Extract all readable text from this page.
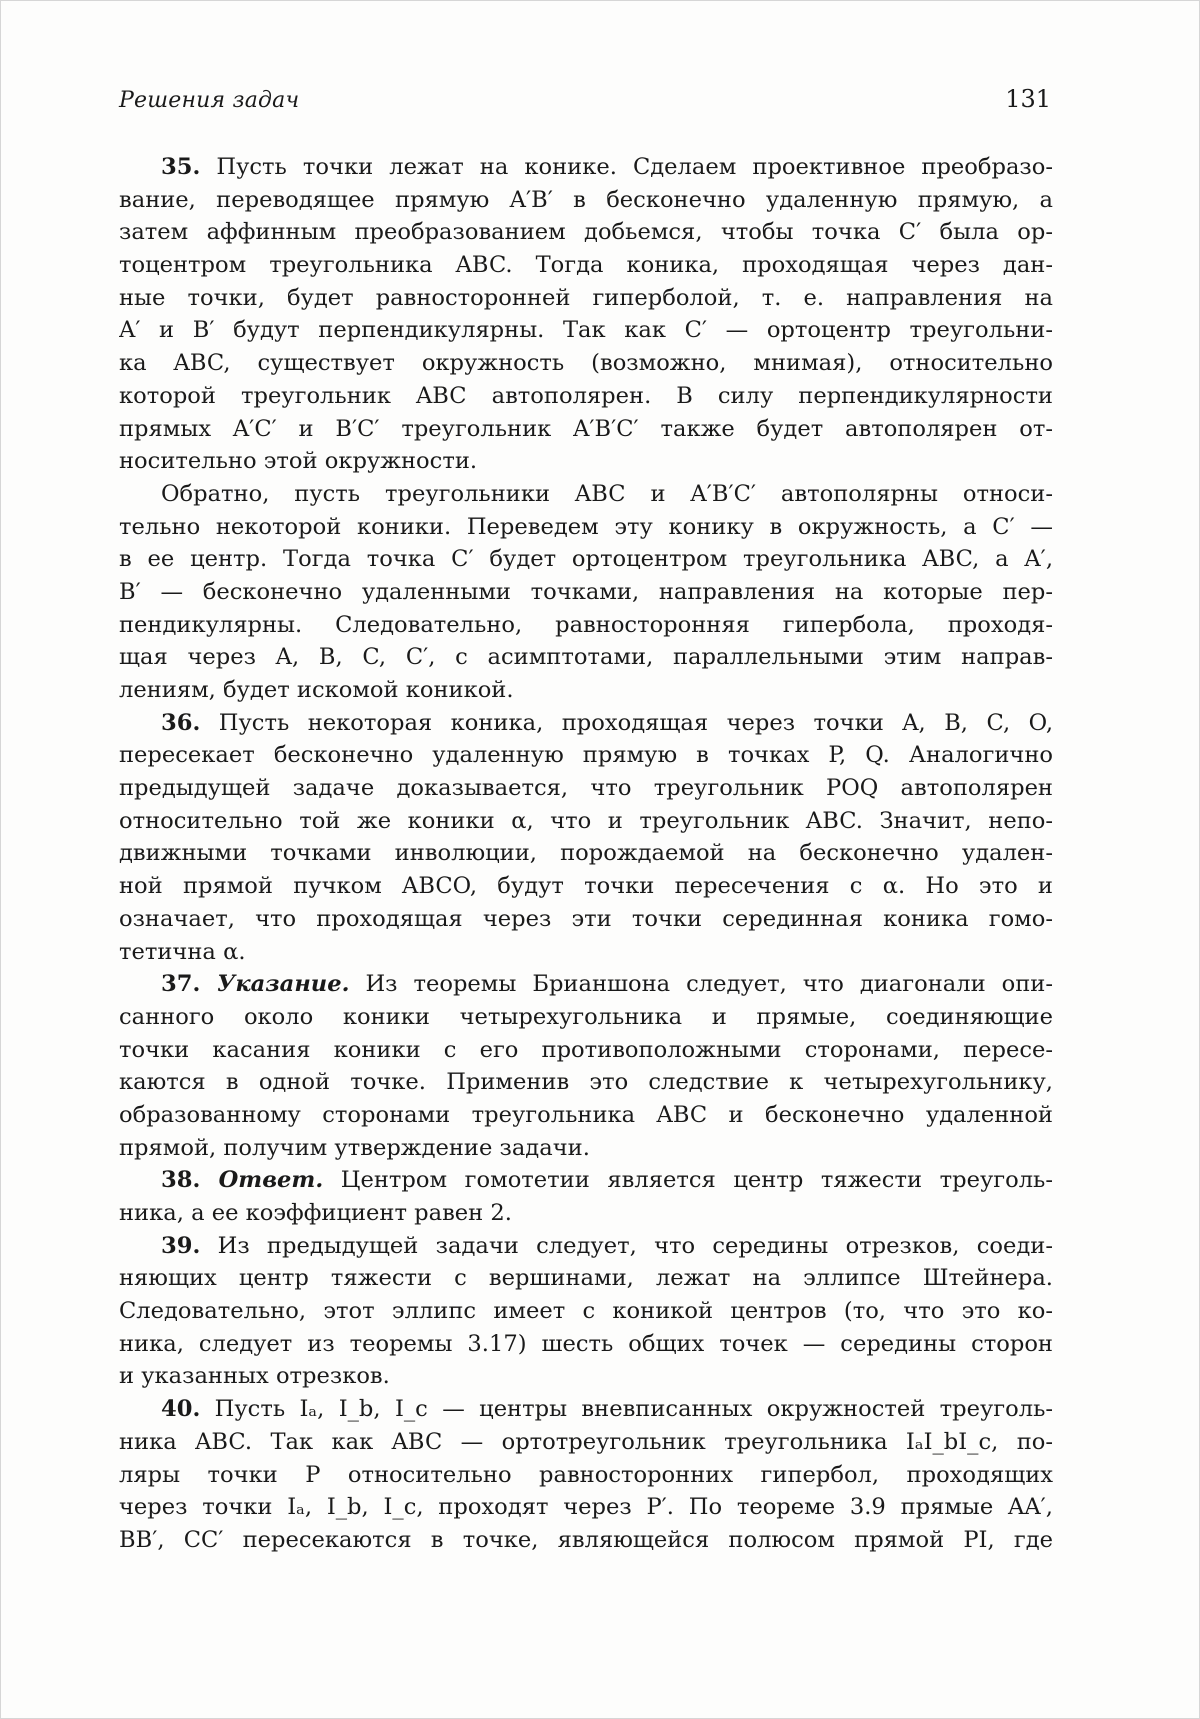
Решения задач	131
35. Пусть точки лежат на конике. Сделаем проективное преобразо-
вание, переводящее прямую A′B′ в бесконечно удаленную прямую, а
затем аффинным преобразованием добьемся, чтобы точка C′ была ор-
тоцентром треугольника ABC. Тогда коника, проходящая через дан-
ные точки, будет равносторонней гиперболой, т. е. направления на
A′ и B′ будут перпендикулярны. Так как C′ — ортоцентр треугольни-
ка ABC, существует окружность (возможно, мнимая), относительно
которой треугольник ABC автополярен. В силу перпендикулярности
прямых A′C′ и B′C′ треугольник A′B′C′ также будет автополярен от-
носительно этой окружности.
Обратно, пусть треугольники ABC и A′B′C′ автополярны относи-
тельно некоторой коники. Переведем эту конику в окружность, а C′ —
в ее центр. Тогда точка C′ будет ортоцентром треугольника ABC, а A′,
B′ — бесконечно удаленными точками, направления на которые пер-
пендикулярны. Следовательно, равносторонняя гипербола, проходя-
щая через A, B, C, C′, с асимптотами, параллельными этим направ-
лениям, будет искомой коникой.
36. Пусть некоторая коника, проходящая через точки A, B, C, O,
пересекает бесконечно удаленную прямую в точках P, Q. Аналогично
предыдущей задаче доказывается, что треугольник POQ автополярен
относительно той же коники α, что и треугольник ABC. Значит, непо-
движными точками инволюции, порождаемой на бесконечно удален-
ной прямой пучком ABCO, будут точки пересечения с α. Но это и
означает, что проходящая через эти точки серединная коника гомо-
тетична α.
37. Указание. Из теоремы Брианшона следует, что диагонали опи-
санного около коники четырехугольника и прямые, соединяющие
точки касания коники с его противоположными сторонами, пересе-
каются в одной точке. Применив это следствие к четырехугольнику,
образованному сторонами треугольника ABC и бесконечно удаленной
прямой, получим утверждение задачи.
38. Ответ. Центром гомотетии является центр тяжести треуголь-
ника, а ее коэффициент равен 2.
39. Из предыдущей задачи следует, что середины отрезков, соеди-
няющих центр тяжести с вершинами, лежат на эллипсе Штейнера.
Следовательно, этот эллипс имеет с коникой центров (то, что это ко-
ника, следует из теоремы 3.17) шесть общих точек — середины сторон
и указанных отрезков.
40. Пусть Iₐ, I_b, I_c — центры вневписанных окружностей треуголь-
ника ABC. Так как ABC — ортотреугольник треугольника IₐI_bI_c, по-
ляры точки P относительно равносторонних гипербол, проходящих
через точки Iₐ, I_b, I_c, проходят через P′. По теореме 3.9 прямые AA′,
BB′, CC′ пересекаются в точке, являющейся полюсом прямой PI, где
